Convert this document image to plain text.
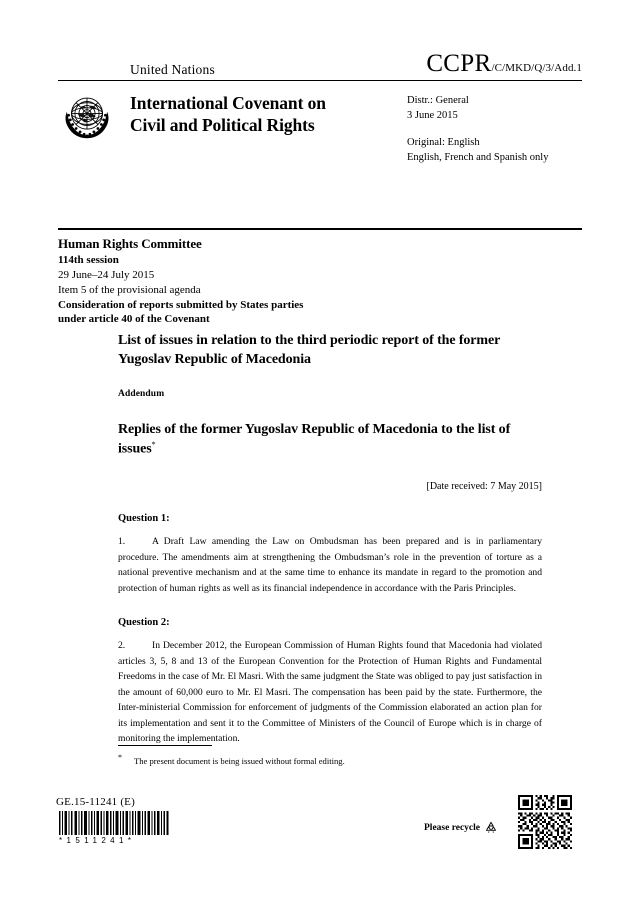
United Nations	CCPR/C/MKD/Q/3/Add.1
International Covenant on
Civil and Political Rights
Distr.: General
3 June 2015
Original: English
English, French and Spanish only
Human Rights Committee
114th session
29 June–24 July 2015
Item 5 of the provisional agenda
Consideration of reports submitted by States parties
under article 40 of the Covenant
List of issues in relation to the third periodic report of the former Yugoslav Republic of Macedonia
Addendum
Replies of the former Yugoslav Republic of Macedonia to the list of issues*
[Date received: 7 May 2015]
Question 1:
1.	A Draft Law amending the Law on Ombudsman has been prepared and is in parliamentary procedure. The amendments aim at strengthening the Ombudsman’s role in the prevention of torture as a national preventive mechanism and at the same time to enhance its mandate in regard to the promotion and protection of human rights as well as its financial independence in accordance with the Paris Principles.
Question 2:
2.	In December 2012, the European Commission of Human Rights found that Macedonia had violated articles 3, 5, 8 and 13 of the European Convention for the Protection of Human Rights and Fundamental Freedoms in the case of Mr. El Masri. With the same judgment the State was obliged to pay just satisfaction in the amount of 60,000 euro to Mr. El Masri. The compensation has been paid by the state. Furthermore, the Inter-ministerial Commission for enforcement of judgments of the Commission elaborated an action plan for its implementation and sent it to the Committee of Ministers of the Council of Europe which is in charge of monitoring the implementation.
* The present document is being issued without formal editing.
GE.15-11241 (E)
*1511241*
Please recycle
